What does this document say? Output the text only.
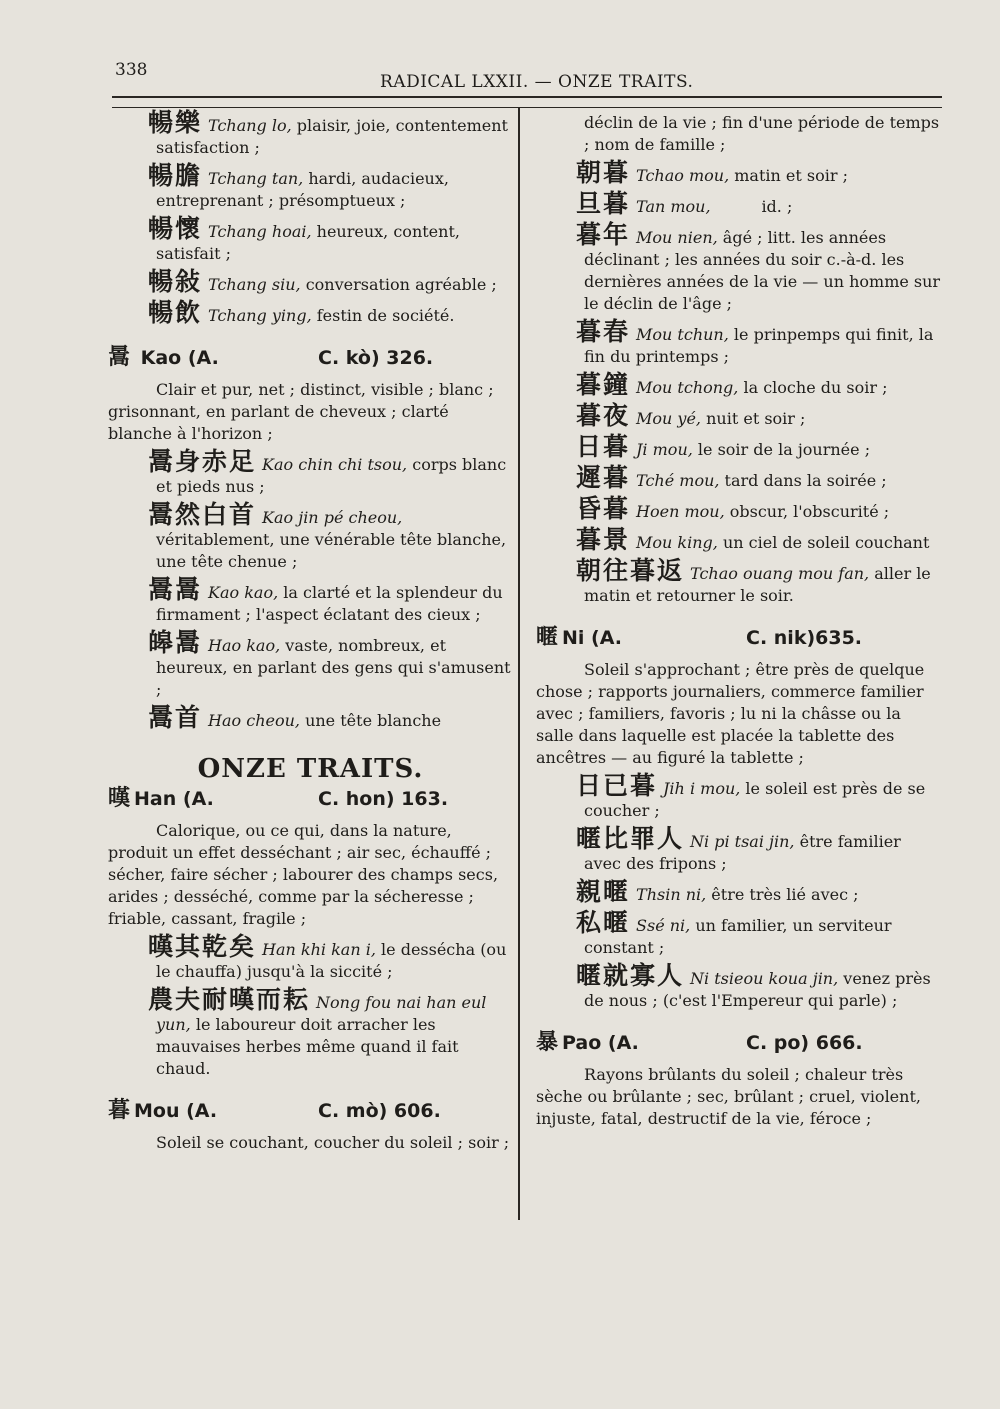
338
RADICAL LXXII. — ONZE TRAITS.

暢樂 Tchang lo, plaisir, joie, contentement satisfaction ;

暢膽 Tchang tan, hardi, audacieux, entreprenant ; présomptueux ;

暢懷 Tchang hoai, heureux, content, satisfait ;

暢敍 Tchang siu, conversation agréable ;

暢飲 Tchang ying, festin de société.

暠 Kao (A.	C. kò) 326.

Clair et pur, net ; distinct, visible ; blanc ; grisonnant, en parlant de cheveux ; clarté blanche à l'horizon ;

暠身赤足 Kao chin chi tsou, corps blanc et pieds nus ;

暠然白首 Kao jin pé cheou, véritablement, une vénérable tête blanche, une tête chenue ;

暠暠 Kao kao, la clarté et la splendeur du firmament ; l'aspect éclatant des cieux ;

皞暠 Hao kao, vaste, nombreux, et heureux, en parlant des gens qui s'amusent ;

暠首 Hao cheou, une tête blanche

ONZE TRAITS.
暵 Han (A.	C. hon) 163.

Calorique, ou ce qui, dans la nature, produit un effet desséchant ; air sec, échauffé ; sécher, faire sécher ; labourer des champs secs, arides ; desséché, comme par la sécheresse ; friable, cassant, fragile ;

暵其乾矣 Han khi kan i, le dessécha (ou le chauffa) jusqu'à la siccité ;

農夫耐暵而耘 Nong fou nai han eul yun, le laboureur doit arracher les mauvaises herbes même quand il fait chaud.

暮 Mou (A.	C. mò) 606.

Soleil se couchant, coucher du soleil ; soir ;

déclin de la vie ; fin d'une période de temps ; nom de famille ;

朝暮 Tchao mou, matin et soir ;

旦暮 Tan mou,          id. ;

暮年 Mou nien, âgé ; litt. les années déclinant ; les années du soir c.-à-d. les dernières années de la vie — un homme sur le déclin de l'âge ;

暮春 Mou tchun, le prinpemps qui finit, la fin du printemps ;

暮鐘 Mou tchong, la cloche du soir ;

暮夜 Mou yé, nuit et soir ;

日暮 Ji mou, le soir de la journée ;

遲暮 Tché mou, tard dans la soirée ;

昏暮 Hoen mou, obscur, l'obscurité ;

暮景 Mou king, un ciel de soleil couchant

朝往暮返 Tchao ouang mou fan, aller le matin et retourner le soir.

暱 Ni (A.	C. nik)635.

Soleil s'approchant ; être près de quelque chose ; rapports journaliers, commerce familier avec ; familiers, favoris ; lu ni la châsse ou la salle dans laquelle est placée la tablette des ancêtres — au figuré la tablette ;

日已暮 Jih i mou, le soleil est près de se coucher ;

暱比罪人 Ni pi tsai jin, être familier avec des fripons ;

親暱 Thsin ni, être très lié avec ;

私暱 Ssé ni, un familier, un serviteur constant ;

暱就寡人 Ni tsieou koua jin, venez près de nous ; (c'est l'Empereur qui parle) ;

暴 Pao (A.	C. po) 666.

Rayons brûlants du soleil ; chaleur très sèche ou brûlante ; sec, brûlant ; cruel, violent, injuste, fatal, destructif de la vie, féroce ;
